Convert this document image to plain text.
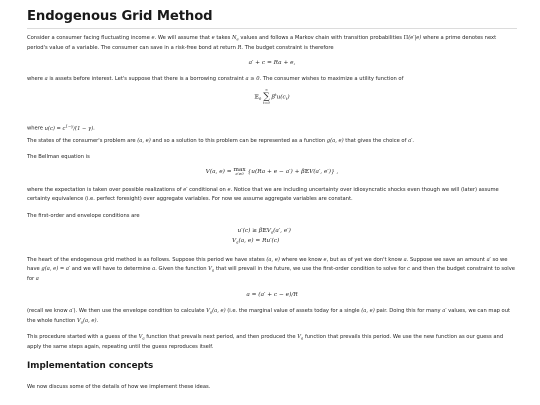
Endogenous Grid Method

Consider a consumer facing fluctuating income e. We will assume that e takes $N_e$ values and follows a Markov chain with transition probabilities Π(e′|e) where a prime denotes next period's value of a variable. The consumer can save in a risk-free bond at return R. The budget constraint is therefore

a′ + c = Ra + e,

where a is assets before interest. Let's suppose that there is a borrowing constraint a ≥ 0. The consumer wishes to maximize a utility function of

𝔼$_0$
∞
∑
t=0
$\beta^tu(c_t)$

where $u(c) = c^{1-\gamma}/(1 - \gamma)$.

The states of the consumer's problem are (a, e) and so a solution to this problem can be represented as a function g(a, e) that gives the choice of a′.

The Bellman equation is

V(a, e) = max
a′≥0 {u(Ra + e − a′) + β𝔼V(a′, e′)} ,

where the expectation is taken over possible realizations of e′ conditional on e. Notice that we are including uncertainty over idiosyncratic shocks even though we will (later) assume certainty equivalence (i.e. perfect foresight) over aggregate variables. For now we assume aggregate variables are constant.

The first-order and envelope conditions are

u′(c) ≥ β𝔼V$_a$(a′, e′)
$V_a(a$, e) = Ru′(c)

The heart of the endogenous grid method is as follows. Suppose this period we have states (a, e) where we know e, but as of yet we don't know a. Suppose we save an amount a′ so we have g(a, e) = a′ and we will have to determine a. Given the function $V_a$ that will prevail in the future, we use the first-order condition to solve for c and then the budget constraint to solve for a

a = (a′ + c − e)/R

(recall we know a′). We then use the envelope condition to calculate $V_a(a$, e) (i.e. the marginal value of assets today for a single (a, e) pair. Doing this for many a′ values, we can map out the whole function $V_a(a$, e).

This procedure started with a guess of the $V_a$ function that prevails next period, and then produced the $V_a$ function that prevails this period. We use the new function as our guess and apply the same steps again, repeating until the guess reproduces itself.

Implementation concepts

We now discuss some of the details of how we implement these ideas.
